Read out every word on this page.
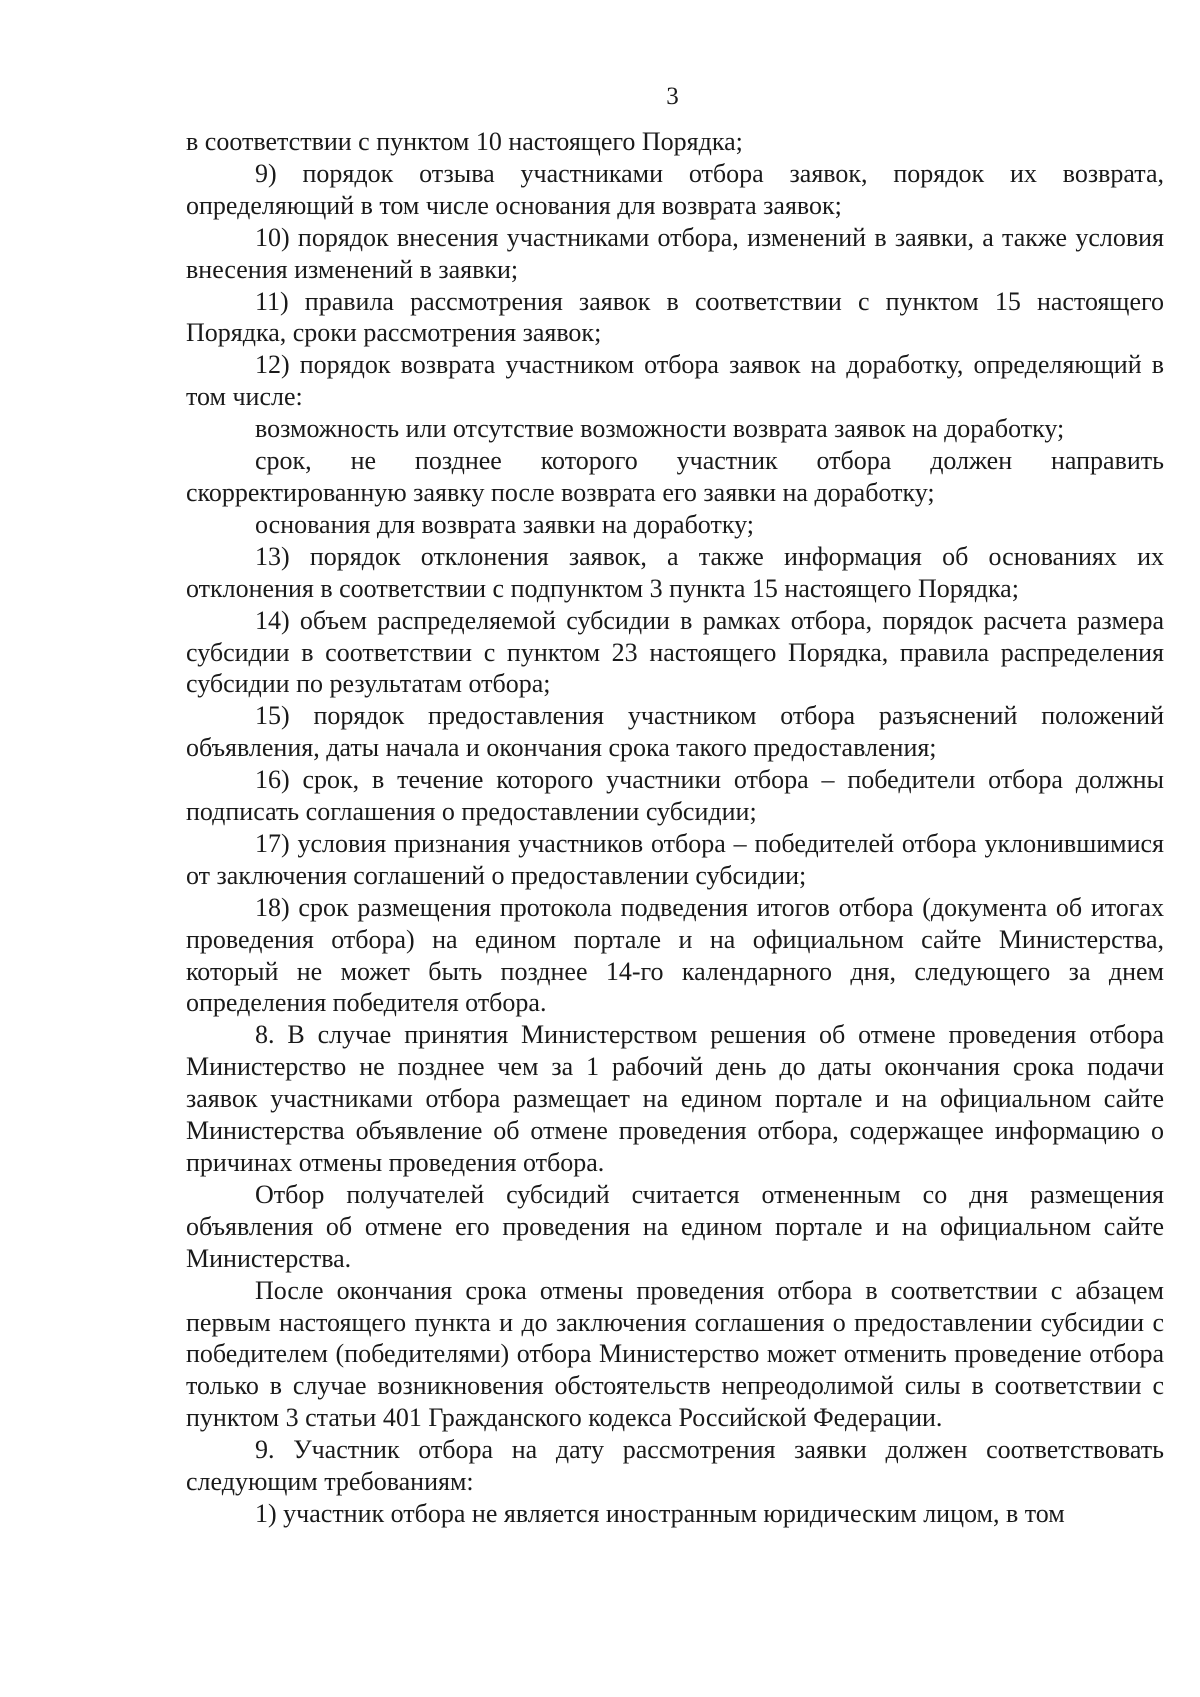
3

в соответствии с пунктом 10 настоящего Порядка;

9) порядок отзыва участниками отбора заявок, порядок их возврата, определяющий в том числе основания для возврата заявок;

10) порядок внесения участниками отбора, изменений в заявки, а также условия внесения изменений в заявки;

11) правила рассмотрения заявок в соответствии с пунктом 15 настоящего Порядка, сроки рассмотрения заявок;

12) порядок возврата участником отбора заявок на доработку, определяющий в том числе:

возможность или отсутствие возможности возврата заявок на доработку;

срок, не позднее которого участник отбора должен направить скорректированную заявку после возврата его заявки на доработку;

основания для возврата заявки на доработку;

13) порядок отклонения заявок, а также информация об основаниях их отклонения в соответствии с подпунктом 3 пункта 15 настоящего Порядка;

14) объем распределяемой субсидии в рамках отбора, порядок расчета размера субсидии в соответствии с пунктом 23 настоящего Порядка, правила распределения субсидии по результатам отбора;

15) порядок предоставления участником отбора разъяснений положений объявления, даты начала и окончания срока такого предоставления;

16) срок, в течение которого участники отбора – победители отбора должны подписать соглашения о предоставлении субсидии;

17) условия признания участников отбора – победителей отбора уклонившимися от заключения соглашений о предоставлении субсидии;

18) срок размещения протокола подведения итогов отбора (документа об итогах проведения отбора) на едином портале и на официальном сайте Министерства, который не может быть позднее 14-го календарного дня, следующего за днем определения победителя отбора.

8. В случае принятия Министерством решения об отмене проведения отбора Министерство не позднее чем за 1 рабочий день до даты окончания срока подачи заявок участниками отбора размещает на едином портале и на официальном сайте Министерства объявление об отмене проведения отбора, содержащее информацию о причинах отмены проведения отбора.

Отбор получателей субсидий считается отмененным со дня размещения объявления об отмене его проведения на едином портале и на официальном сайте Министерства.

После окончания срока отмены проведения отбора в соответствии с абзацем первым настоящего пункта и до заключения соглашения о предоставлении субсидии с победителем (победителями) отбора Министерство может отменить проведение отбора только в случае возникновения обстоятельств непреодолимой силы в соответствии с пунктом 3 статьи 401 Гражданского кодекса Российской Федерации.

9. Участник отбора на дату рассмотрения заявки должен соответствовать следующим требованиям:

1) участник отбора не является иностранным юридическим лицом, в том
